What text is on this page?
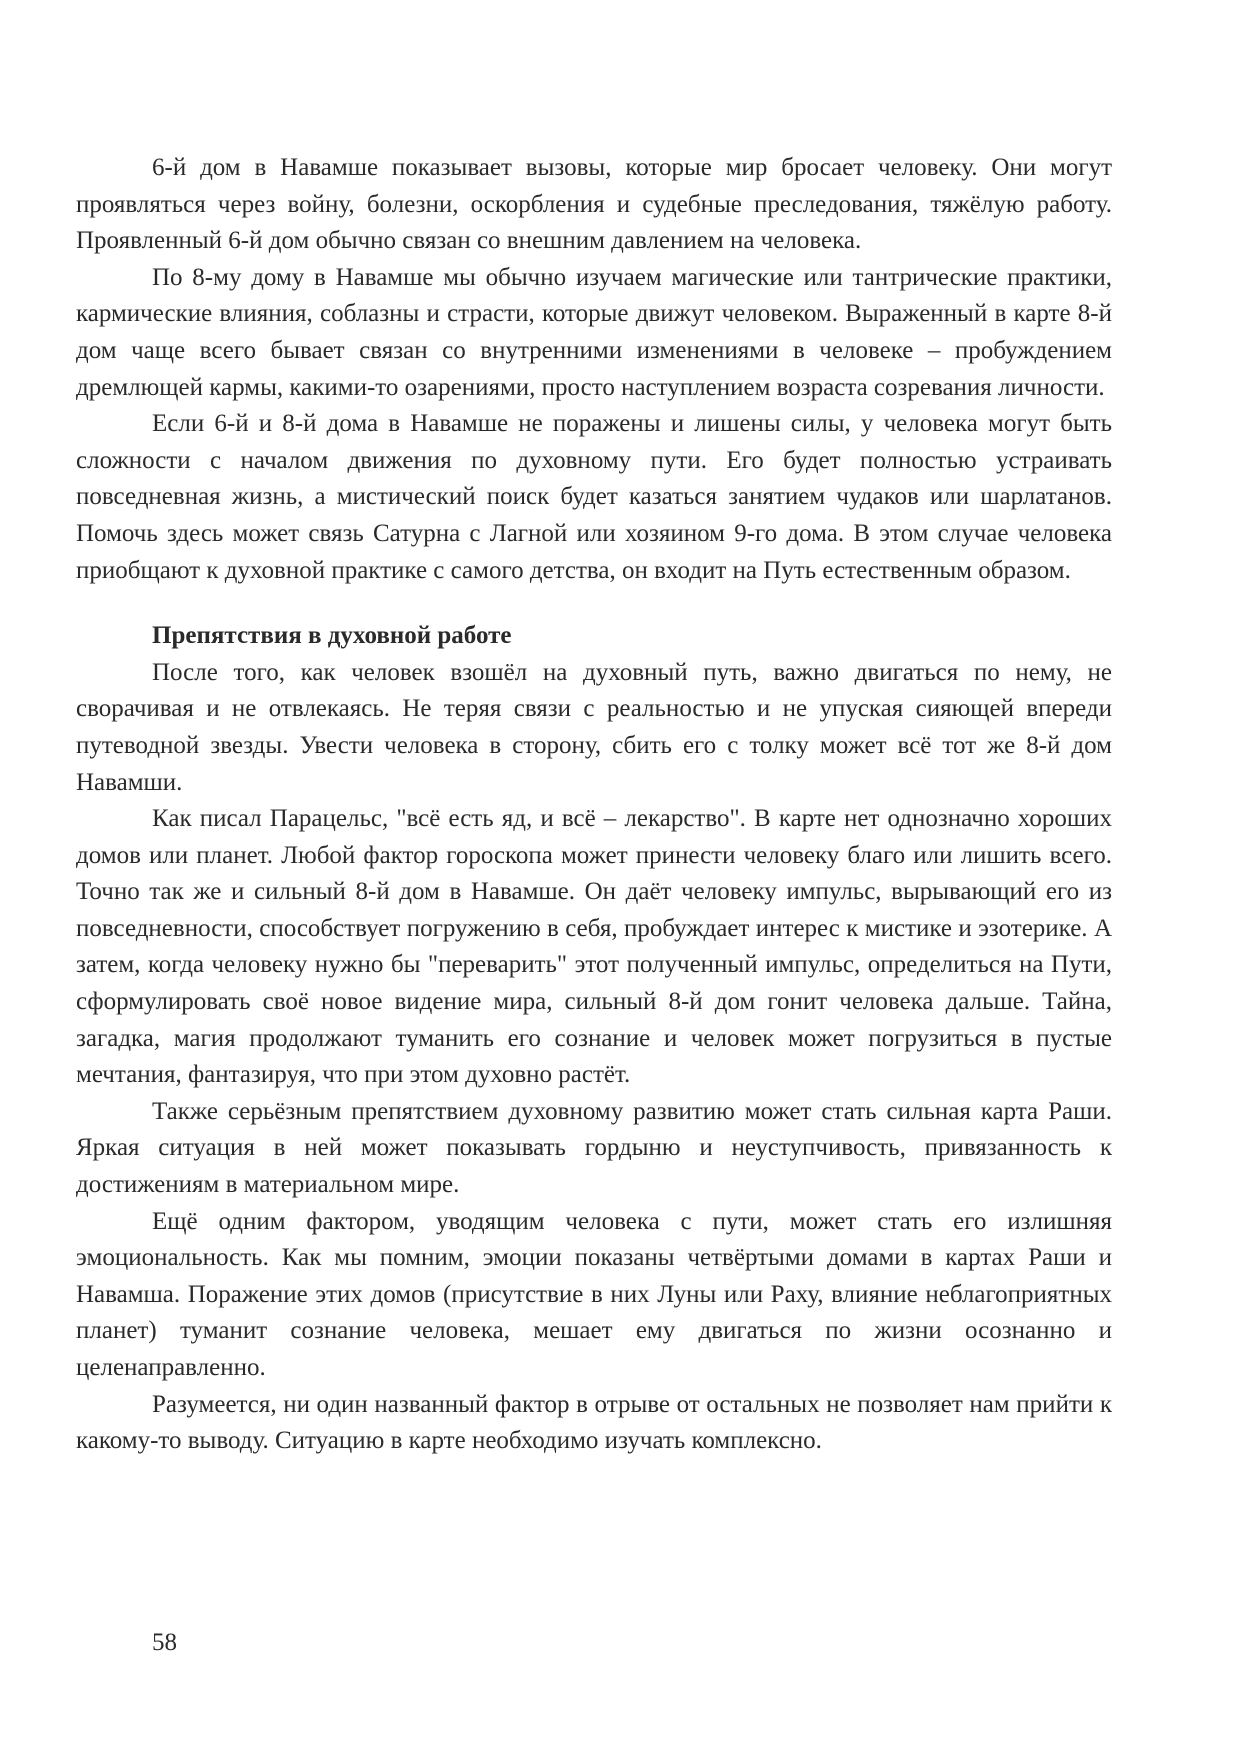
6-й дом в Навамше показывает вызовы, которые мир бросает человеку. Они могут проявляться через войну, болезни, оскорбления и судебные преследования, тяжёлую работу. Проявленный 6-й дом обычно связан со внешним давлением на человека.

По 8-му дому в Навамше мы обычно изучаем магические или тантрические практики, кармические влияния, соблазны и страсти, которые движут человеком. Выраженный в карте 8-й дом чаще всего бывает связан со внутренними изменениями в человеке – пробуждением дремлющей кармы, какими-то озарениями, просто наступлением возраста созревания личности.

Если 6-й и 8-й дома в Навамше не поражены и лишены силы, у человека могут быть сложности с началом движения по духовному пути. Его будет полностью устраивать повседневная жизнь, а мистический поиск будет казаться занятием чудаков или шарлатанов. Помочь здесь может связь Сатурна с Лагной или хозяином 9-го дома. В этом случае человека приобщают к духовной практике с самого детства, он входит на Путь естественным образом.

Препятствия в духовной работе

После того, как человек взошёл на духовный путь, важно двигаться по нему, не сворачивая и не отвлекаясь. Не теряя связи с реальностью и не упуская сияющей впереди путеводной звезды. Увести человека в сторону, сбить его с толку может всё тот же 8-й дом Навамши.

Как писал Парацельс, "всё есть яд, и всё – лекарство". В карте нет однозначно хороших домов или планет. Любой фактор гороскопа может принести человеку благо или лишить всего. Точно так же и сильный 8-й дом в Навамше. Он даёт человеку импульс, вырывающий его из повседневности, способствует погружению в себя, пробуждает интерес к мистике и эзотерике. А затем, когда человеку нужно бы "переварить" этот полученный импульс, определиться на Пути, сформулировать своё новое видение мира, сильный 8-й дом гонит человека дальше. Тайна, загадка, магия продолжают туманить его сознание и человек может погрузиться в пустые мечтания, фантазируя, что при этом духовно растёт.

Также серьёзным препятствием духовному развитию может стать сильная карта Раши. Яркая ситуация в ней может показывать гордыню и неуступчивость, привязанность к достижениям в материальном мире.

Ещё одним фактором, уводящим человека с пути, может стать его излишняя эмоциональность. Как мы помним, эмоции показаны четвёртыми домами в картах Раши и Навамша. Поражение этих домов (присутствие в них Луны или Раху, влияние неблагоприятных планет) туманит сознание человека, мешает ему двигаться по жизни осознанно и целенаправленно.

Разумеется, ни один названный фактор в отрыве от остальных не позволяет нам прийти к какому-то выводу. Ситуацию в карте необходимо изучать комплексно.

58
